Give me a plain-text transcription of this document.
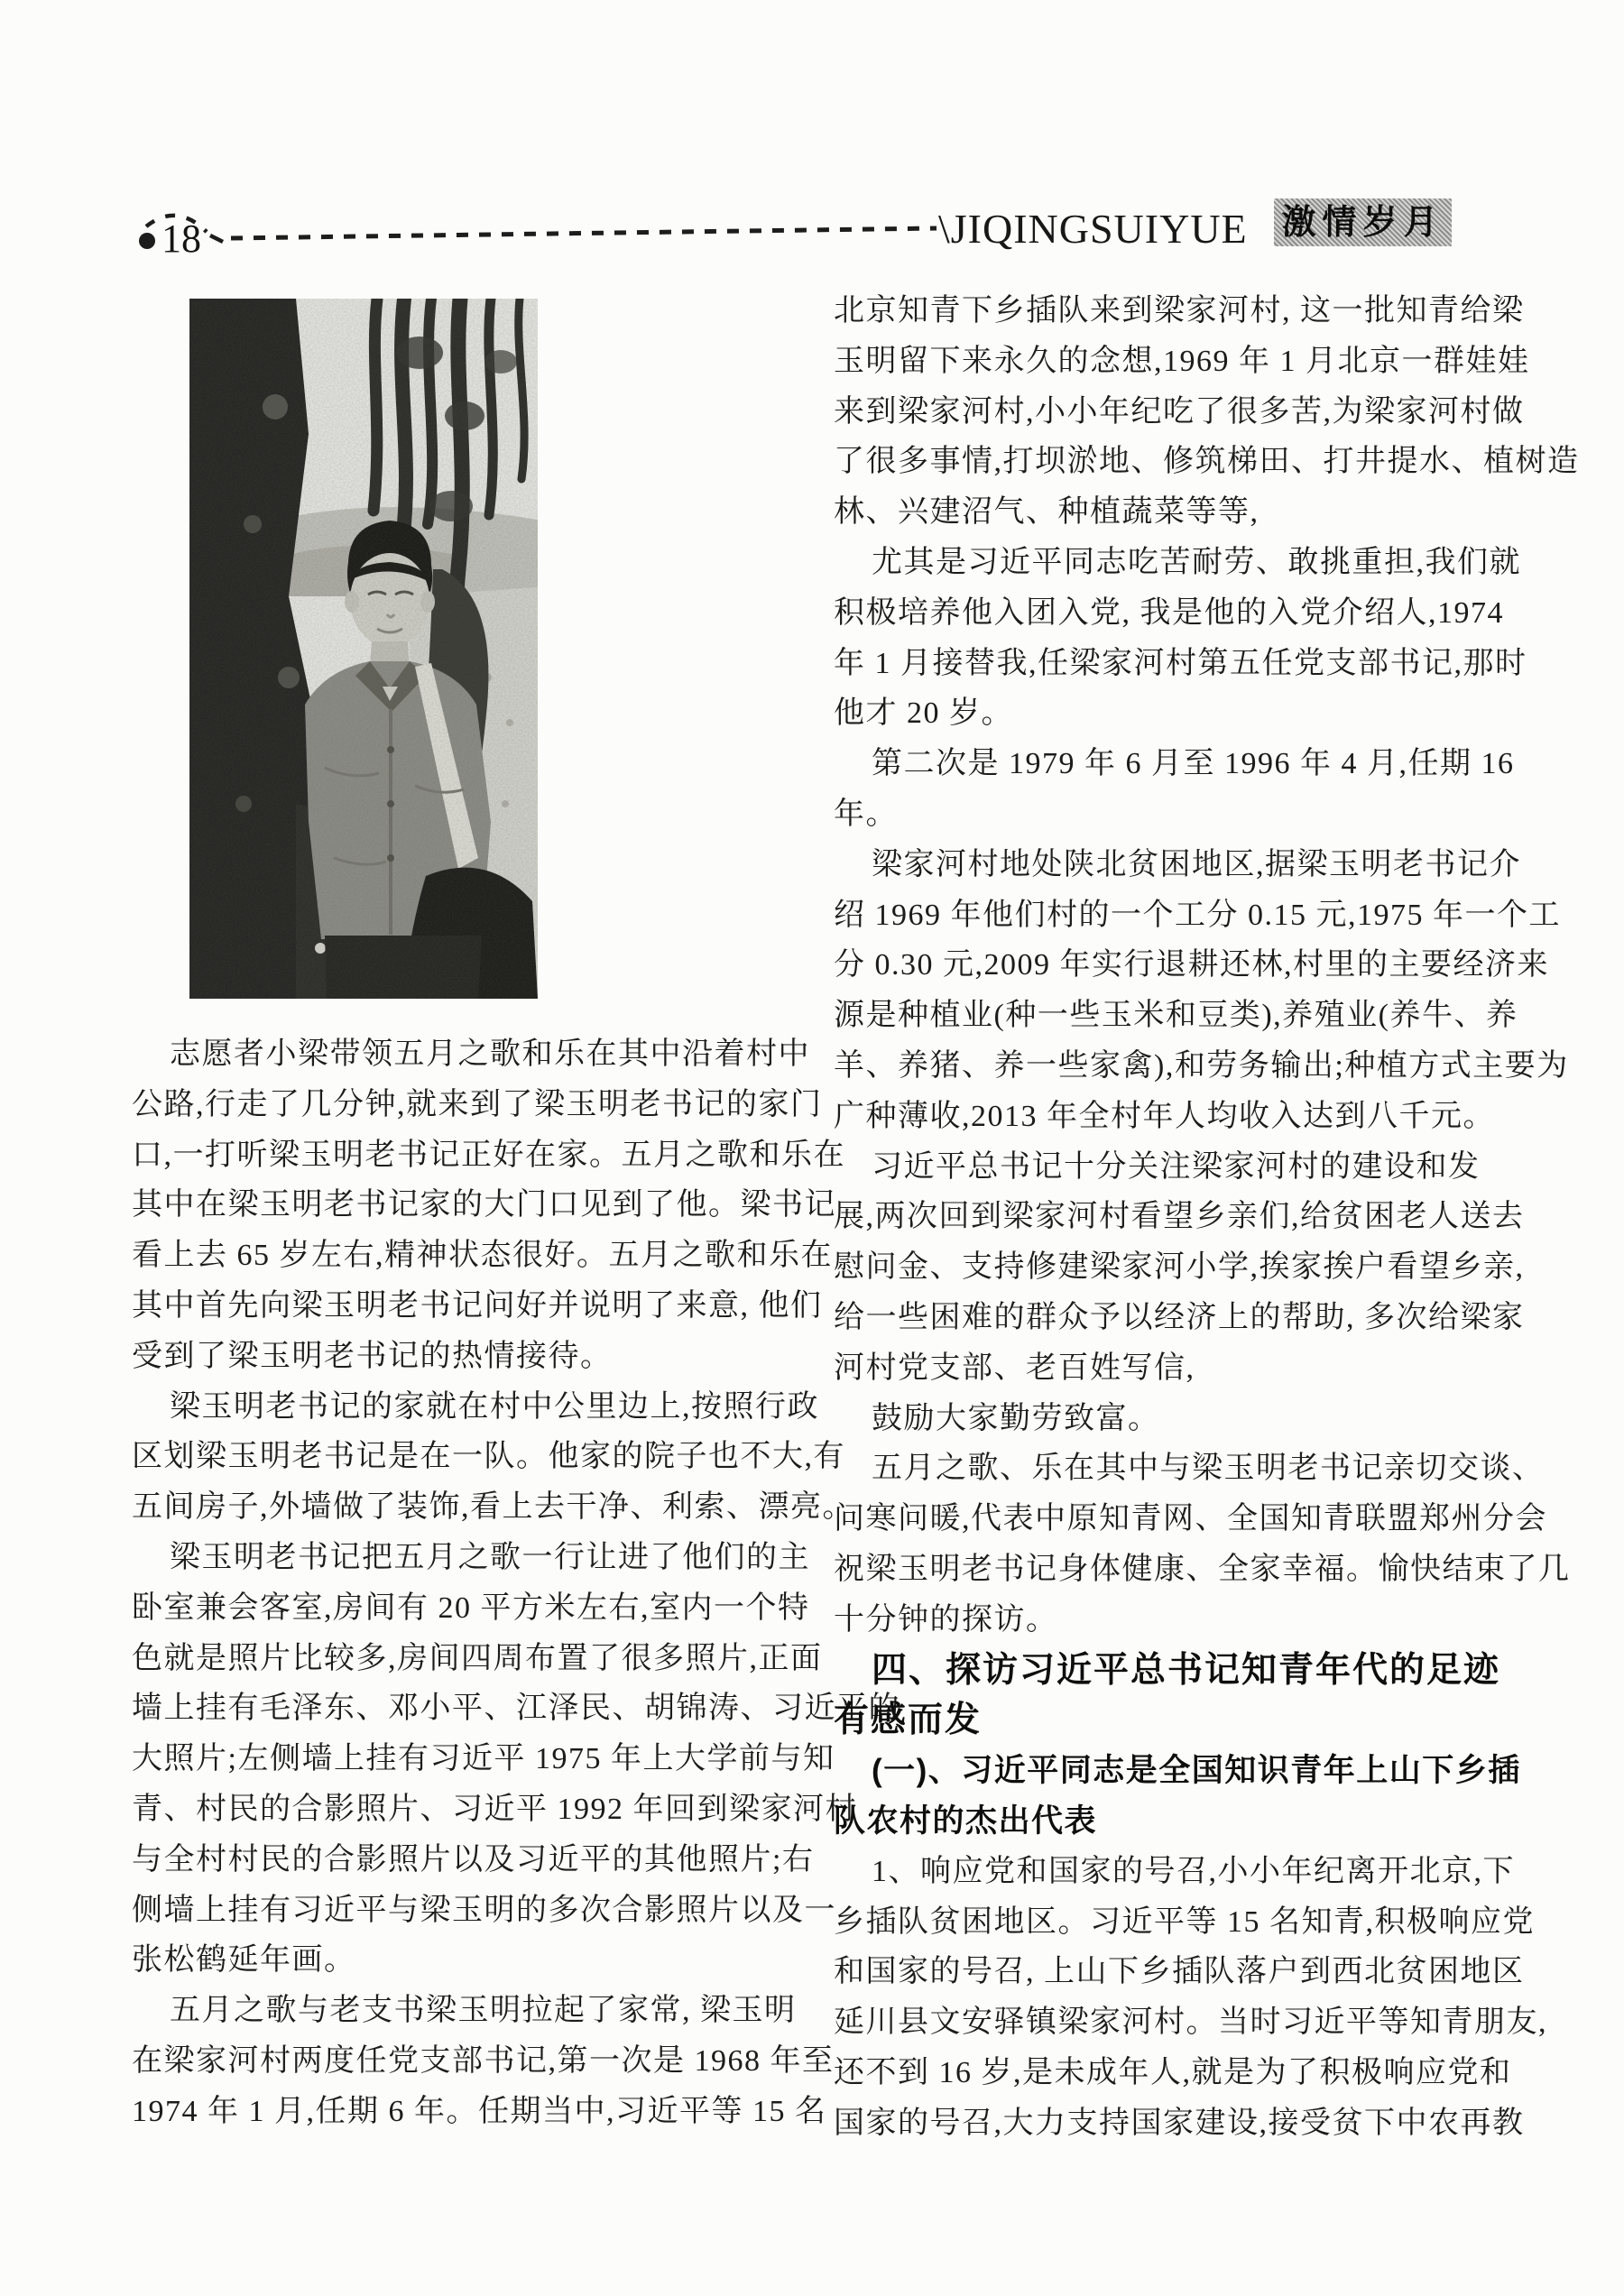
18	\JIQINGSUIYUE 激情岁月
志愿者小梁带领五月之歌和乐在其中沿着村中
公路,行走了几分钟,就来到了梁玉明老书记的家门
口,一打听梁玉明老书记正好在家。五月之歌和乐在
其中在梁玉明老书记家的大门口见到了他。梁书记
看上去 65 岁左右,精神状态很好。五月之歌和乐在
其中首先向梁玉明老书记问好并说明了来意, 他们
受到了梁玉明老书记的热情接待。
梁玉明老书记的家就在村中公里边上,按照行政
区划梁玉明老书记是在一队。他家的院子也不大,有
五间房子,外墙做了装饰,看上去干净、利索、漂亮。
梁玉明老书记把五月之歌一行让进了他们的主
卧室兼会客室,房间有 20 平方米左右,室内一个特
色就是照片比较多,房间四周布置了很多照片,正面
墙上挂有毛泽东、邓小平、江泽民、胡锦涛、习近平的
大照片;左侧墙上挂有习近平 1975 年上大学前与知
青、村民的合影照片、习近平 1992 年回到梁家河村
与全村村民的合影照片以及习近平的其他照片;右
侧墙上挂有习近平与梁玉明的多次合影照片以及一
张松鹤延年画。
五月之歌与老支书梁玉明拉起了家常, 梁玉明
在梁家河村两度任党支部书记,第一次是 1968 年至
1974 年 1 月,任期 6 年。任期当中,习近平等 15 名
北京知青下乡插队来到梁家河村, 这一批知青给梁
玉明留下来永久的念想,1969 年 1 月北京一群娃娃
来到梁家河村,小小年纪吃了很多苦,为梁家河村做
了很多事情,打坝淤地、修筑梯田、打井提水、植树造
林、兴建沼气、种植蔬菜等等,
尤其是习近平同志吃苦耐劳、敢挑重担,我们就
积极培养他入团入党, 我是他的入党介绍人,1974
年 1 月接替我,任梁家河村第五任党支部书记,那时
他才 20 岁。
第二次是 1979 年 6 月至 1996 年 4 月,任期 16
年。
梁家河村地处陕北贫困地区,据梁玉明老书记介
绍 1969 年他们村的一个工分 0.15 元,1975 年一个工
分 0.30 元,2009 年实行退耕还林,村里的主要经济来
源是种植业(种一些玉米和豆类),养殖业(养牛、养
羊、养猪、养一些家禽),和劳务输出;种植方式主要为
广种薄收,2013 年全村年人均收入达到八千元。
习近平总书记十分关注梁家河村的建设和发
展,两次回到梁家河村看望乡亲们,给贫困老人送去
慰问金、支持修建梁家河小学,挨家挨户看望乡亲,
给一些困难的群众予以经济上的帮助, 多次给梁家
河村党支部、老百姓写信,
鼓励大家勤劳致富。
五月之歌、乐在其中与梁玉明老书记亲切交谈、
问寒问暖,代表中原知青网、全国知青联盟郑州分会
祝梁玉明老书记身体健康、全家幸福。愉快结束了几
十分钟的探访。
四、探访习近平总书记知青年代的足迹
有感而发
(一)、习近平同志是全国知识青年上山下乡插
队农村的杰出代表
1、响应党和国家的号召,小小年纪离开北京,下
乡插队贫困地区。习近平等 15 名知青,积极响应党
和国家的号召, 上山下乡插队落户到西北贫困地区
延川县文安驿镇梁家河村。当时习近平等知青朋友,
还不到 16 岁,是未成年人,就是为了积极响应党和
国家的号召,大力支持国家建设,接受贫下中农再教
